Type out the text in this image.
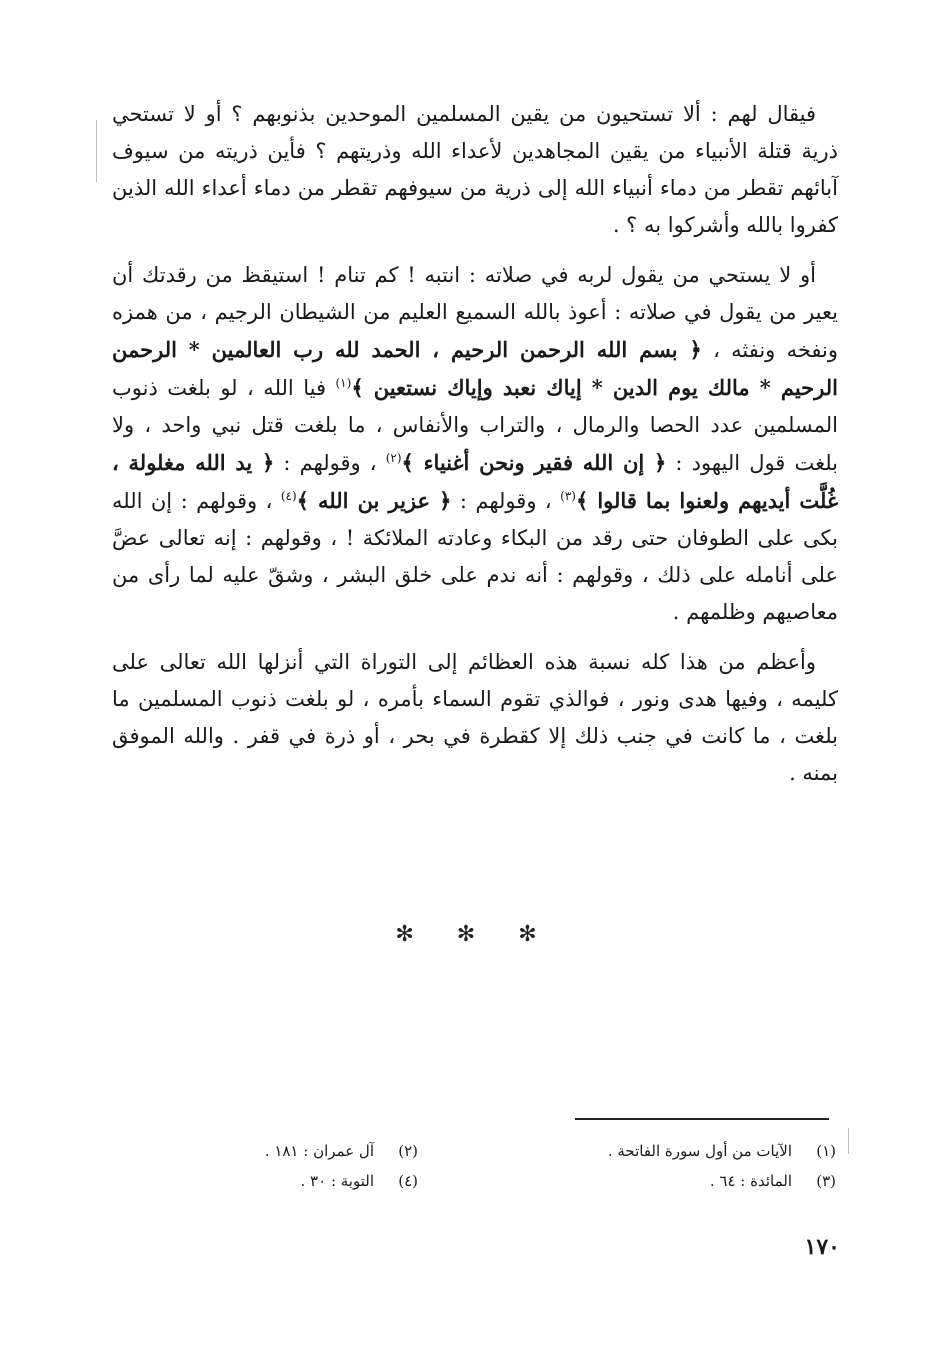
فيقال لهم : ألا تستحيون من يقين المسلمين الموحدين بذنوبهم ؟ أو لا تستحي ذرية قتلة الأنبياء من يقين المجاهدين لأعداء الله وذريتهم ؟ فأين ذريته من سيوف آبائهم تقطر من دماء أنبياء الله إلى ذرية من سيوفهم تقطر من دماء أعداء الله الذين كفروا بالله وأشركوا به ؟ .

أو لا يستحي من يقول لربه في صلاته : انتبه ! كم تنام ! استيقظ من رقدتك أن يعير من يقول في صلاته : أعوذ بالله السميع العليم من الشيطان الرجيم ، من همزه ونفخه ونفثه ، ﴿ بسم الله الرحمن الرحيم ، الحمد لله رب العالمين * الرحمن الرحيم * مالك يوم الدين * إياك نعبد وإياك نستعين ﴾$^{(١)}$ فيا الله ، لو بلغت ذنوب المسلمين عدد الحصا والرمال ، والتراب والأنفاس ، ما بلغت قتل نبي واحد ، ولا بلغت قول اليهود : ﴿ إن الله فقير ونحن أغنياء ﴾$^{(٢)}$ ، وقولهم : ﴿ يد الله مغلولة ، غُلَّت أيديهم ولعنوا بما قالوا ﴾$^{(٣)}$ ، وقولهم : ﴿ عزير بن الله ﴾$^{(٤)}$ ، وقولهم : إن الله بكى على الطوفان حتى رقد من البكاء وعادته الملائكة ! ، وقولهم : إنه تعالى عضَّ على أنامله على ذلك ، وقولهم : أنه ندم على خلق البشر ، وشقّ عليه لما رأى من معاصيهم وظلمهم .

وأعظم من هذا كله نسبة هذه العظائم إلى التوراة التي أنزلها الله تعالى على كليمه ، وفيها هدى ونور ، فوالذي تقوم السماء بأمره ، لو بلغت ذنوب المسلمين ما بلغت ، ما كانت في جنب ذلك إلا كقطرة في بحر ، أو ذرة في قفر . والله الموفق بمنه .

✻ ✻ ✻
(١)
الآيات من أول سورة الفاتحة .
(٢)
آل عمران : ١٨١ .
(٣)
المائدة : ٦٤ .
(٤)
التوبة : ٣٠ .
١٧٠
